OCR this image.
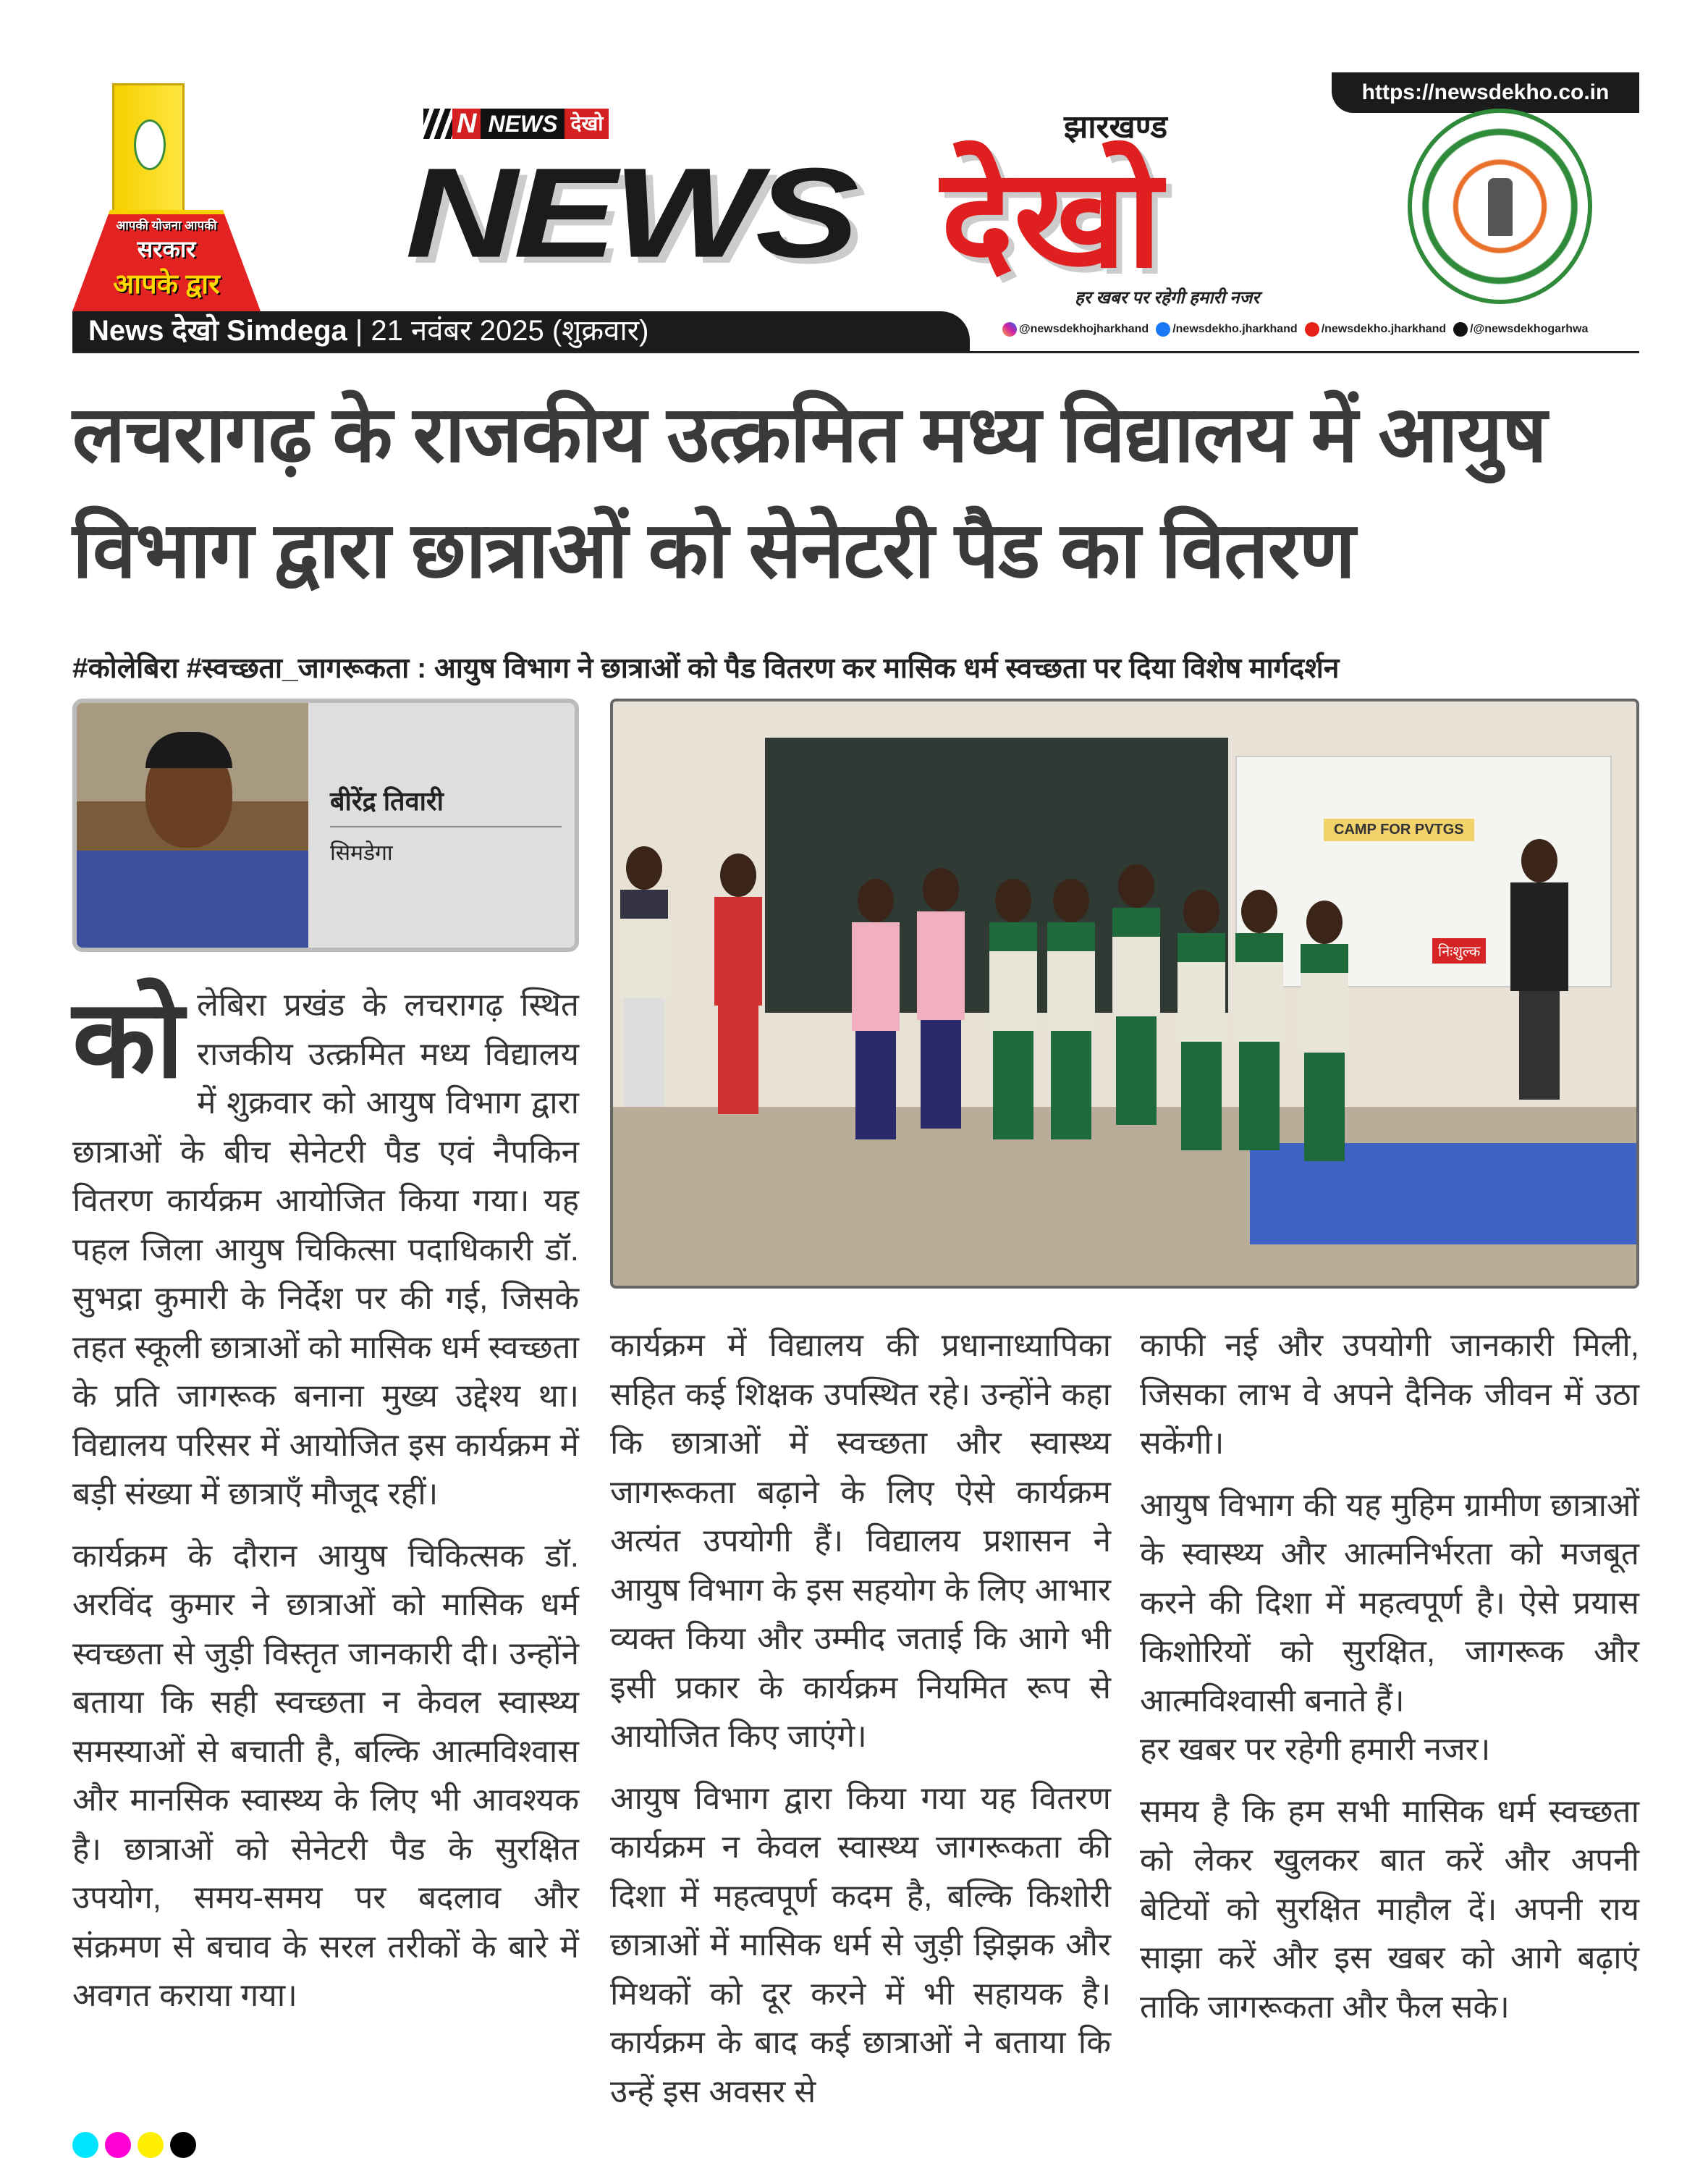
https://newsdekho.co.in
आपकी योजना आपकी
सरकार
आपके द्वार
N NEWS देखो
NEWS
झारखण्ड
देखो
हर खबर पर रहेगी हमारी नजर
News देखो Simdega | 21 नवंबर 2025 (शुक्रवार)	@newsdekhojharkhand	/newsdekho.jharkhand	/newsdekho.jharkhand	/@newsdekhogarhwa
लचरागढ़ के राजकीय उत्क्रमित मध्य विद्यालय में आयुष विभाग द्वारा छात्राओं को सेनेटरी पैड का वितरण
#कोलेबिरा #स्वच्छता_जागरूकता : आयुष विभाग ने छात्राओं को पैड वितरण कर मासिक धर्म स्वच्छता पर दिया विशेष मार्गदर्शन
बीरेंद्र तिवारी
सिमडेगा
CAMP FOR PVTGS
निःशुल्क

कोलेबिरा प्रखंड के लचरागढ़ स्थित राजकीय उत्क्रमित मध्य विद्यालय में शुक्रवार को आयुष विभाग द्वारा छात्राओं के बीच सेनेटरी पैड एवं नैपकिन वितरण कार्यक्रम आयोजित किया गया। यह पहल जिला आयुष चिकित्सा पदाधिकारी डॉ. सुभद्रा कुमारी के निर्देश पर की गई, जिसके तहत स्कूली छात्राओं को मासिक धर्म स्वच्छता के प्रति जागरूक बनाना मुख्य उद्देश्य था। विद्यालय परिसर में आयोजित इस कार्यक्रम में बड़ी संख्या में छात्राएँ मौजूद रहीं।

कार्यक्रम के दौरान आयुष चिकित्सक डॉ. अरविंद कुमार ने छात्राओं को मासिक धर्म स्वच्छता से जुड़ी विस्तृत जानकारी दी। उन्होंने बताया कि सही स्वच्छता न केवल स्वास्थ्य समस्याओं से बचाती है, बल्कि आत्मविश्वास और मानसिक स्वास्थ्य के लिए भी आवश्यक है। छात्राओं को सेनेटरी पैड के सुरक्षित उपयोग, समय-समय पर बदलाव और संक्रमण से बचाव के सरल तरीकों के बारे में अवगत कराया गया।

कार्यक्रम में विद्यालय की प्रधानाध्यापिका सहित कई शिक्षक उपस्थित रहे। उन्होंने कहा कि छात्राओं में स्वच्छता और स्वास्थ्य जागरूकता बढ़ाने के लिए ऐसे कार्यक्रम अत्यंत उपयोगी हैं। विद्यालय प्रशासन ने आयुष विभाग के इस सहयोग के लिए आभार व्यक्त किया और उम्मीद जताई कि आगे भी इसी प्रकार के कार्यक्रम नियमित रूप से आयोजित किए जाएंगे।

आयुष विभाग द्वारा किया गया यह वितरण कार्यक्रम न केवल स्वास्थ्य जागरूकता की दिशा में महत्वपूर्ण कदम है, बल्कि किशोरी छात्राओं में मासिक धर्म से जुड़ी झिझक और मिथकों को दूर करने में भी सहायक है। कार्यक्रम के बाद कई छात्राओं ने बताया कि उन्हें इस अवसर से

काफी नई और उपयोगी जानकारी मिली, जिसका लाभ वे अपने दैनिक जीवन में उठा सकेंगी।

आयुष विभाग की यह मुहिम ग्रामीण छात्राओं के स्वास्थ्य और आत्मनिर्भरता को मजबूत करने की दिशा में महत्वपूर्ण है। ऐसे प्रयास किशोरियों को सुरक्षित, जागरूक और आत्मविश्वासी बनाते हैं।

हर खबर पर रहेगी हमारी नजर।

समय है कि हम सभी मासिक धर्म स्वच्छता को लेकर खुलकर बात करें और अपनी बेटियों को सुरक्षित माहौल दें। अपनी राय साझा करें और इस खबर को आगे बढ़ाएं ताकि जागरूकता और फैल सके।
